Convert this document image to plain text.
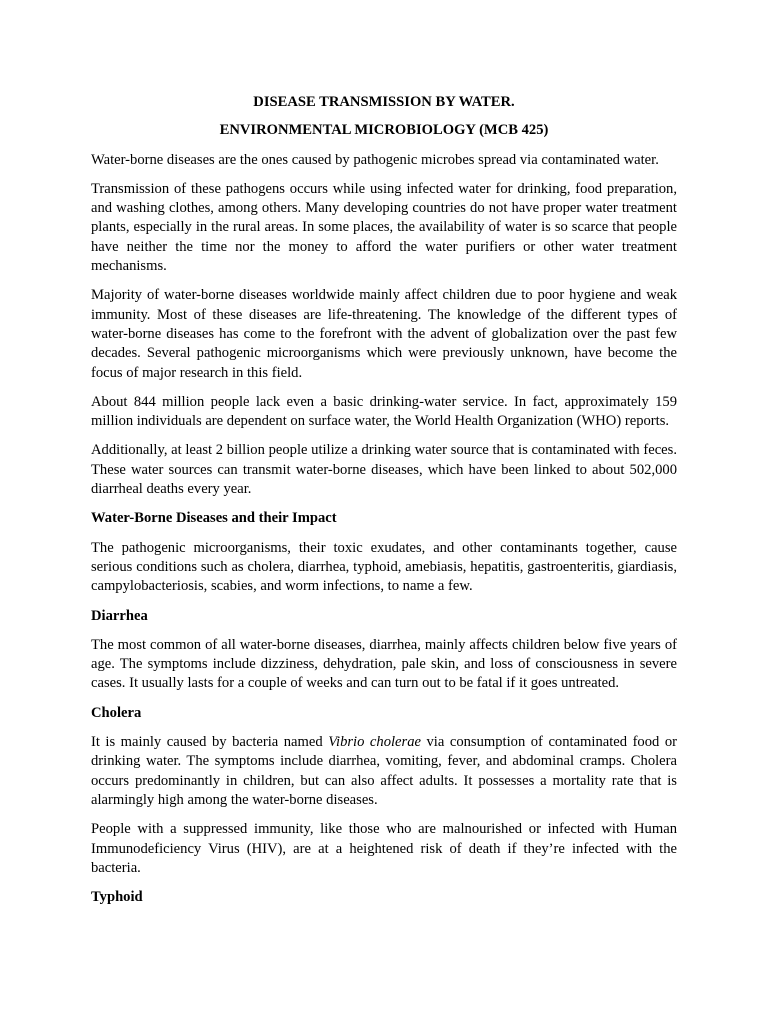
DISEASE TRANSMISSION BY WATER.

ENVIRONMENTAL MICROBIOLOGY (MCB 425)

Water-borne diseases are the ones caused by pathogenic microbes spread via contaminated water.

Transmission of these pathogens occurs while using infected water for drinking, food preparation, and washing clothes, among others. Many developing countries do not have proper water treatment plants, especially in the rural areas. In some places, the availability of water is so scarce that people have neither the time nor the money to afford the water purifiers or other water treatment mechanisms.

Majority of water-borne diseases worldwide mainly affect children due to poor hygiene and weak immunity. Most of these diseases are life-threatening. The knowledge of the different types of water-borne diseases has come to the forefront with the advent of globalization over the past few decades. Several pathogenic microorganisms which were previously unknown, have become the focus of major research in this field.

About 844 million people lack even a basic drinking-water service. In fact, approximately 159 million individuals are dependent on surface water, the World Health Organization (WHO) reports.

Additionally, at least 2 billion people utilize a drinking water source that is contaminated with feces. These water sources can transmit water-borne diseases, which have been linked to about 502,000 diarrheal deaths every year.

Water-Borne Diseases and their Impact

The pathogenic microorganisms, their toxic exudates, and other contaminants together, cause serious conditions such as cholera, diarrhea, typhoid, amebiasis, hepatitis, gastroenteritis, giardiasis, campylobacteriosis, scabies, and worm infections, to name a few.

Diarrhea

The most common of all water-borne diseases, diarrhea, mainly affects children below five years of age. The symptoms include dizziness, dehydration, pale skin, and loss of consciousness in severe cases. It usually lasts for a couple of weeks and can turn out to be fatal if it goes untreated.

Cholera

It is mainly caused by bacteria named Vibrio cholerae via consumption of contaminated food or drinking water. The symptoms include diarrhea, vomiting, fever, and abdominal cramps. Cholera occurs predominantly in children, but can also affect adults. It possesses a mortality rate that is alarmingly high among the water-borne diseases.

People with a suppressed immunity, like those who are malnourished or infected with Human Immunodeficiency Virus (HIV), are at a heightened risk of death if they’re infected with the bacteria.

Typhoid
